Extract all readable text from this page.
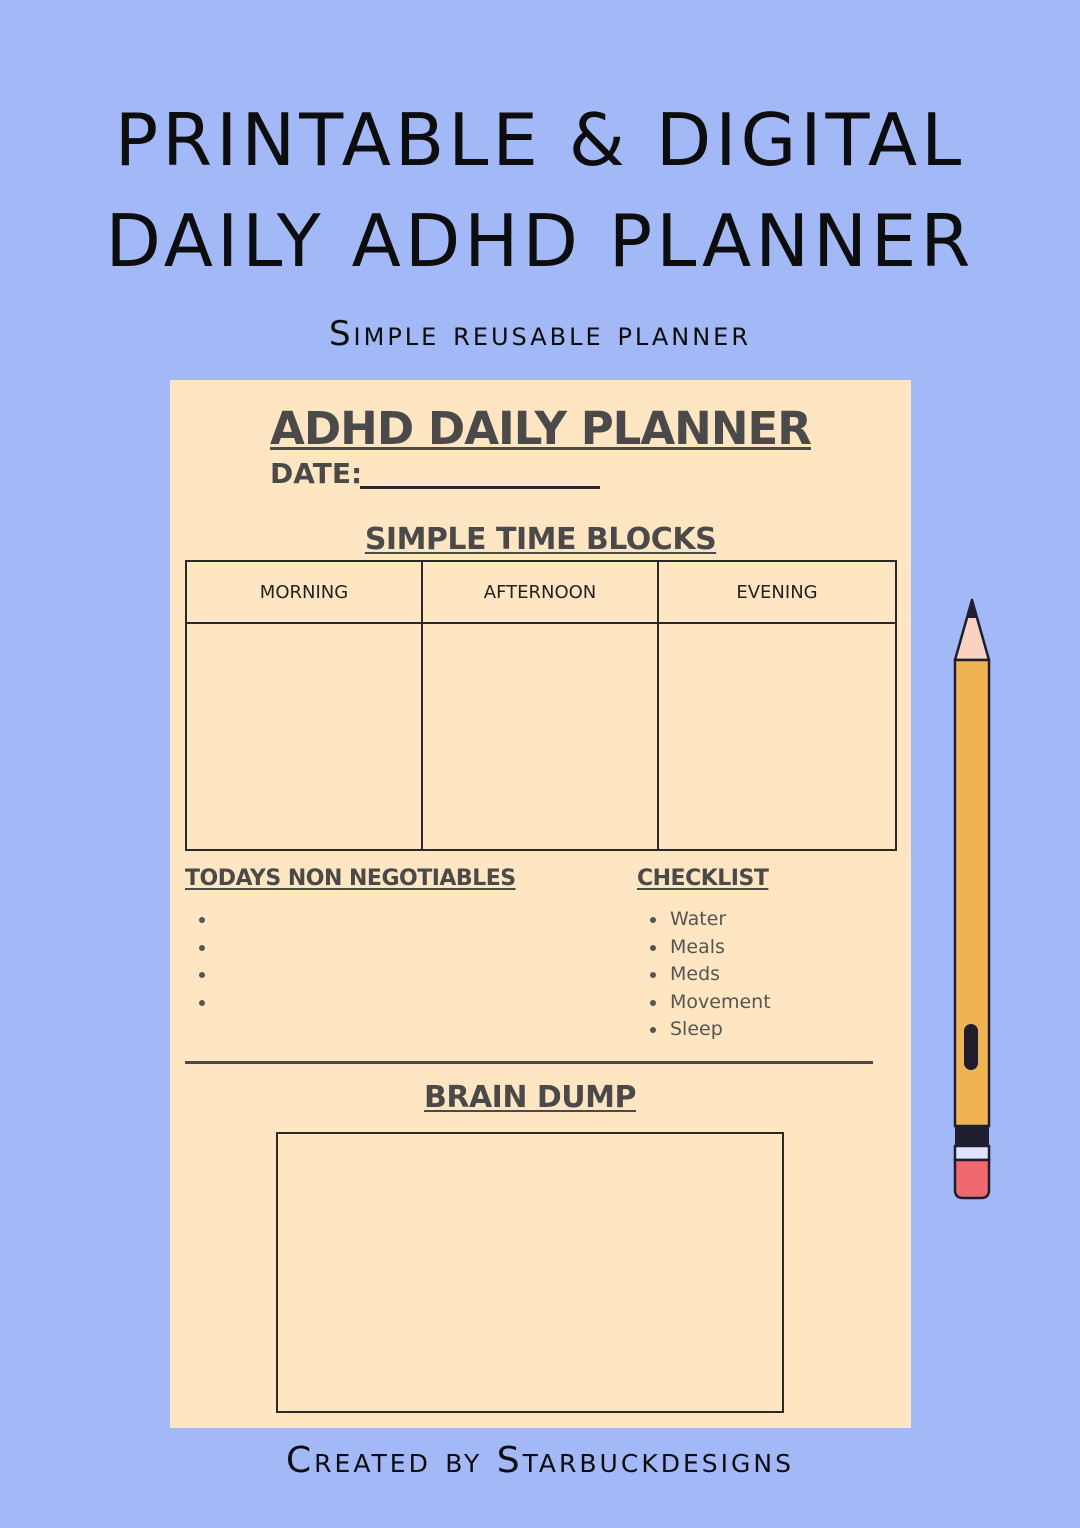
PRINTABLE & DIGITAL
DAILY ADHD PLANNER
Simple reusable planner
ADHD DAILY PLANNER
DATE:
SIMPLE TIME BLOCKS
MORNING	AFTERNOON	EVENING
TODAYS NON NEGOTIABLES	CHECKLIST
Water
Meals
Meds
Movement
Sleep
BRAIN DUMP
Created by Starbuckdesigns
